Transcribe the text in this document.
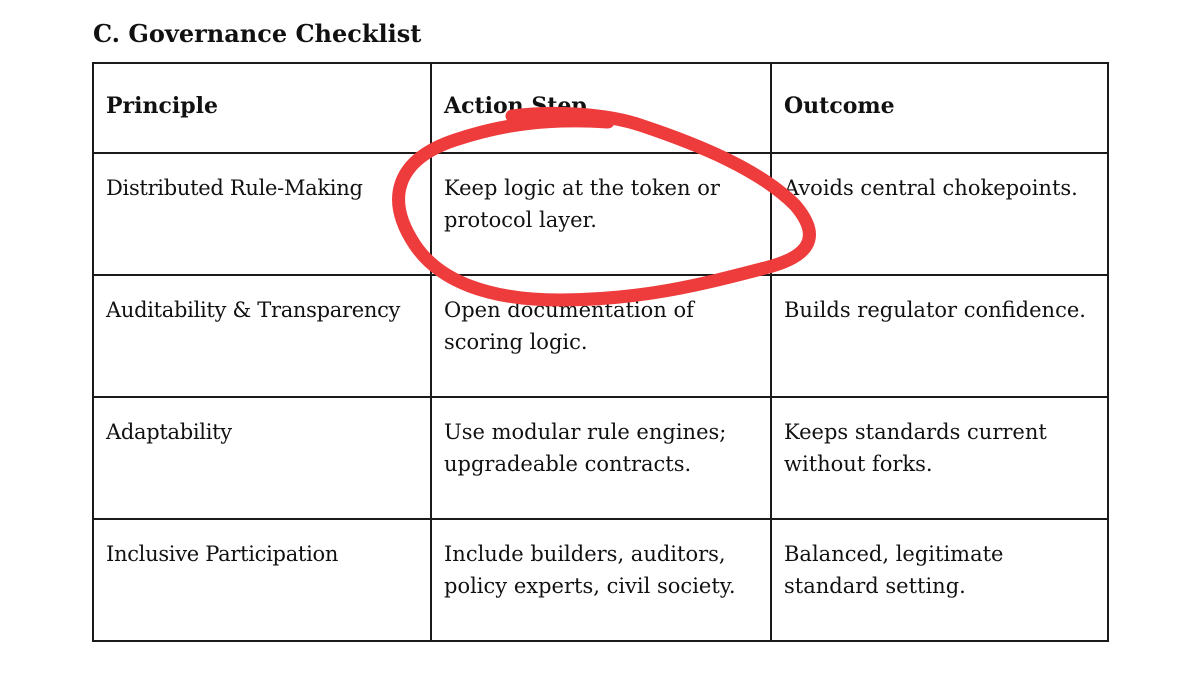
C. Governance Checklist
Principle	Action Step	Outcome
Distributed Rule-Making	Keep logic at the token or protocol layer.	Avoids central chokepoints.
Auditability & Transparency	Open documentation of scoring logic.	Builds regulator confidence.
Adaptability	Use modular rule engines; upgradeable contracts.	Keeps standards current without forks.
Inclusive Participation	Include builders, auditors, policy experts, civil society.	Balanced, legitimate standard setting.
